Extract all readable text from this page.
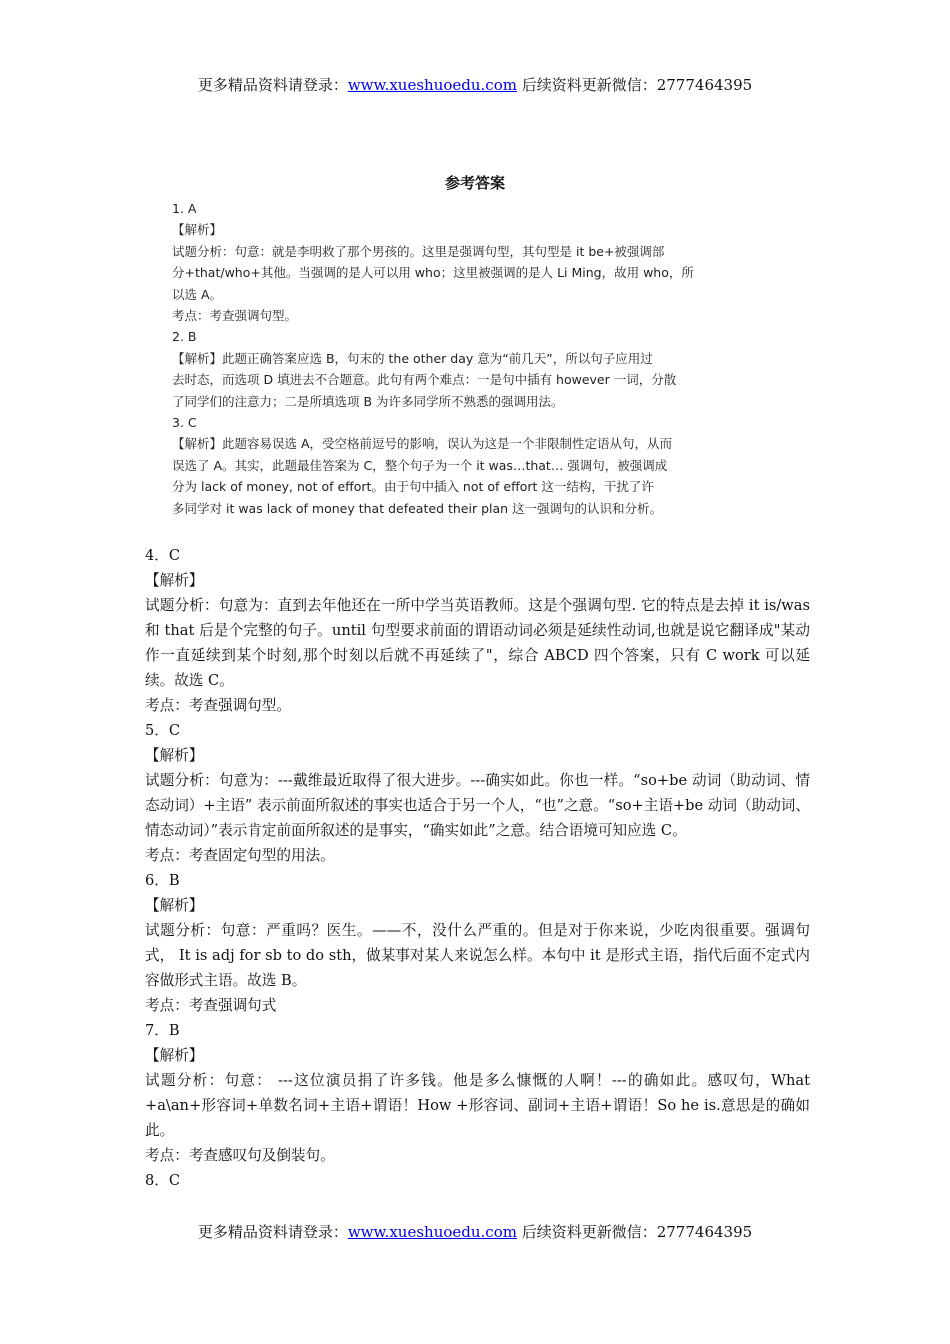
更多精品资料请登录：www.xueshuoedu.com 后续资料更新微信：2777464395
参考答案

1. A

【解析】

试题分析：句意：就是李明救了那个男孩的。这里是强调句型，其句型是 it be+被强调部

分+that/who+其他。当强调的是人可以用 who；这里被强调的是人 Li Ming，故用 who，所

以选 A。

考点：考查强调句型。

2. B

【解析】此题正确答案应选 B，句末的 the other day 意为“前几天”，所以句子应用过

去时态，而选项 D 填进去不合题意。此句有两个难点：一是句中插有 however 一词，分散

了同学们的注意力；二是所填选项 B 为许多同学所不熟悉的强调用法。

3. C

【解析】此题容易误选 A，受空格前逗号的影响，误认为这是一个非限制性定语从句，从而

误选了 A。其实，此题最佳答案为 C，整个句子为一个 it was…that… 强调句，被强调成

分为 lack of money, not of effort。由于句中插入 not of effort 这一结构，干扰了许

多同学对 it was lack of money that defeated their plan 这一强调句的认识和分析。

4．C

【解析】

试题分析：句意为：直到去年他还在一所中学当英语教师。这是个强调句型. 它的特点是去掉 it is/was 和 that 后是个完整的句子。until 句型要求前面的谓语动词必须是延续性动词,也就是说它翻译成"某动作一直延续到某个时刻,那个时刻以后就不再延续了"，综合 ABCD 四个答案，只有 C work 可以延续。故选 C。

考点：考查强调句型。

5．C

【解析】

试题分析：句意为：---戴维最近取得了很大进步。---确实如此。你也一样。“so+be 动词（助动词、情态动词）+主语” 表示前面所叙述的事实也适合于另一个人，“也”之意。“so+主语+be 动词（助动词、情态动词）”表示肯定前面所叙述的是事实，“确实如此”之意。结合语境可知应选 C。

考点：考查固定句型的用法。

6．B

【解析】

试题分析：句意：严重吗？医生。——不，没什么严重的。但是对于你来说，少吃肉很重要。强调句式， It is adj for sb to do sth，做某事对某人来说怎么样。本句中 it 是形式主语，指代后面不定式内容做形式主语。故选 B。

考点：考查强调句式

7．B

【解析】

试题分析：句意： ---这位演员捐了许多钱。他是多么慷慨的人啊！---的确如此。感叹句，What +a\an+形容词+单数名词+主语+谓语！How +形容词、副词+主语+谓语！So he is.意思是的确如此。

考点：考查感叹句及倒装句。

8．C

更多精品资料请登录：www.xueshuoedu.com 后续资料更新微信：2777464395
